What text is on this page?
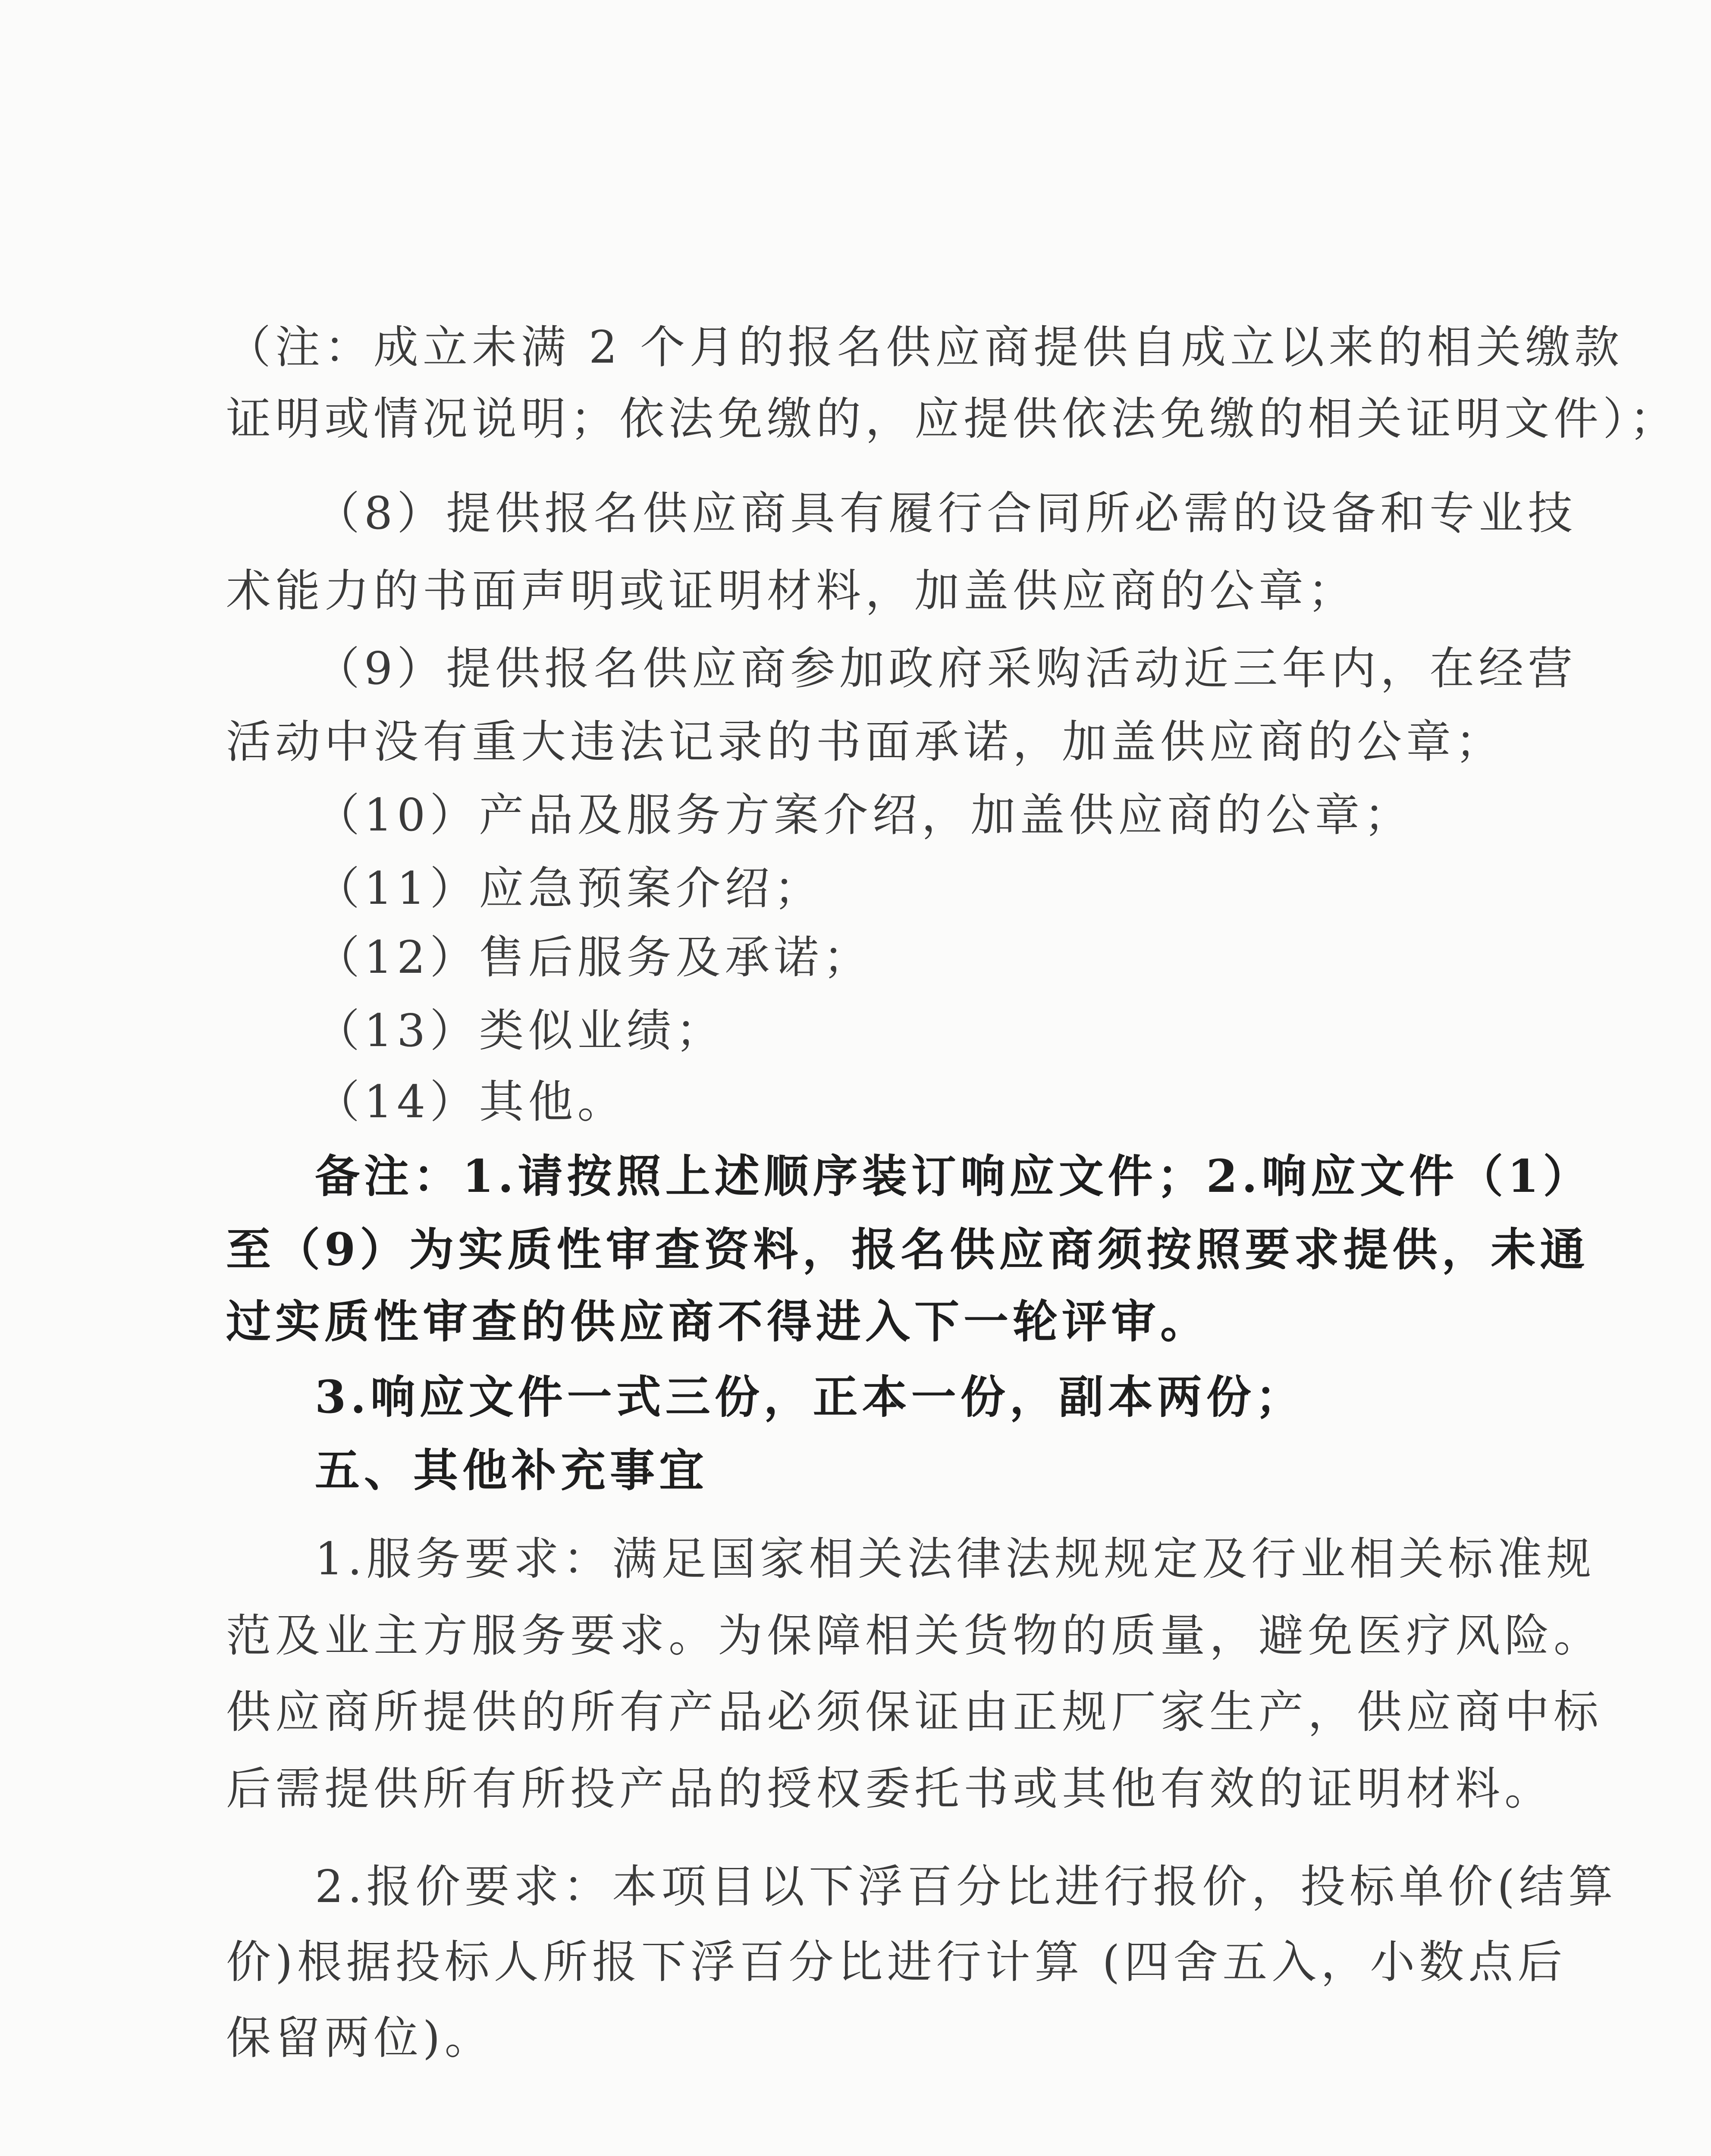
（注：成立未满 2 个月的报名供应商提供自成立以来的相关缴款
证明或情况说明；依法免缴的，应提供依法免缴的相关证明文件）；
（8）提供报名供应商具有履行合同所必需的设备和专业技
术能力的书面声明或证明材料，加盖供应商的公章；
（9）提供报名供应商参加政府采购活动近三年内，在经营
活动中没有重大违法记录的书面承诺，加盖供应商的公章；
（10）产品及服务方案介绍，加盖供应商的公章；
（11）应急预案介绍；
（12）售后服务及承诺；
（13）类似业绩；
（14）其他。
备注：1.请按照上述顺序装订响应文件；2.响应文件（1）
至（9）为实质性审查资料，报名供应商须按照要求提供，未通
过实质性审查的供应商不得进入下一轮评审。
3.响应文件一式三份，正本一份，副本两份；
五、其他补充事宜
1.服务要求：满足国家相关法律法规规定及行业相关标准规
范及业主方服务要求。为保障相关货物的质量，避免医疗风险。
供应商所提供的所有产品必须保证由正规厂家生产，供应商中标
后需提供所有所投产品的授权委托书或其他有效的证明材料。
2.报价要求：本项目以下浮百分比进行报价，投标单价(结算
价)根据投标人所报下浮百分比进行计算 (四舍五入，小数点后
保留两位)。
